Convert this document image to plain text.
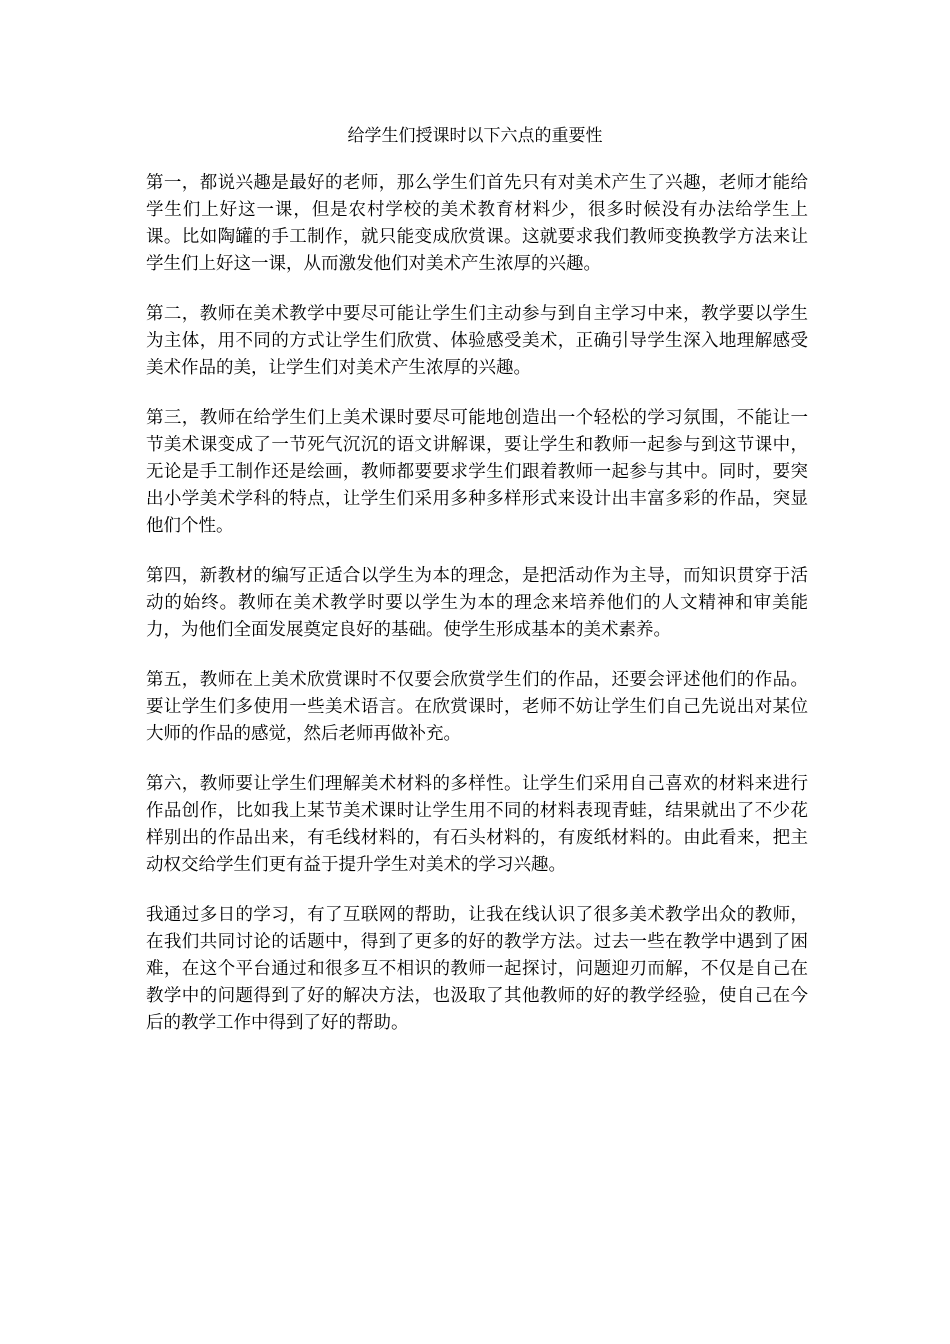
给学生们授课时以下六点的重要性

第一，都说兴趣是最好的老师，那么学生们首先只有对美术产生了兴趣，老师才能给学生们上好这一课，但是农村学校的美术教育材料少，很多时候没有办法给学生上课。比如陶罐的手工制作，就只能变成欣赏课。这就要求我们教师变换教学方法来让学生们上好这一课，从而激发他们对美术产生浓厚的兴趣。

第二，教师在美术教学中要尽可能让学生们主动参与到自主学习中来，教学要以学生为主体，用不同的方式让学生们欣赏、体验感受美术，正确引导学生深入地理解感受美术作品的美，让学生们对美术产生浓厚的兴趣。

第三，教师在给学生们上美术课时要尽可能地创造出一个轻松的学习氛围，不能让一节美术课变成了一节死气沉沉的语文讲解课，要让学生和教师一起参与到这节课中，无论是手工制作还是绘画，教师都要要求学生们跟着教师一起参与其中。同时，要突出小学美术学科的特点，让学生们采用多种多样形式来设计出丰富多彩的作品，突显他们个性。

第四，新教材的编写正适合以学生为本的理念，是把活动作为主导，而知识贯穿于活动的始终。教师在美术教学时要以学生为本的理念来培养他们的人文精神和审美能力，为他们全面发展奠定良好的基础。使学生形成基本的美术素养。

第五，教师在上美术欣赏课时不仅要会欣赏学生们的作品，还要会评述他们的作品。要让学生们多使用一些美术语言。在欣赏课时，老师不妨让学生们自己先说出对某位大师的作品的感觉，然后老师再做补充。

第六，教师要让学生们理解美术材料的多样性。让学生们采用自己喜欢的材料来进行作品创作，比如我上某节美术课时让学生用不同的材料表现青蛙，结果就出了不少花样别出的作品出来，有毛线材料的，有石头材料的，有废纸材料的。由此看来，把主动权交给学生们更有益于提升学生对美术的学习兴趣。

我通过多日的学习，有了互联网的帮助，让我在线认识了很多美术教学出众的教师，在我们共同讨论的话题中，得到了更多的好的教学方法。过去一些在教学中遇到了困难，在这个平台通过和很多互不相识的教师一起探讨，问题迎刃而解，不仅是自己在教学中的问题得到了好的解决方法，也汲取了其他教师的好的教学经验，使自己在今后的教学工作中得到了好的帮助。
